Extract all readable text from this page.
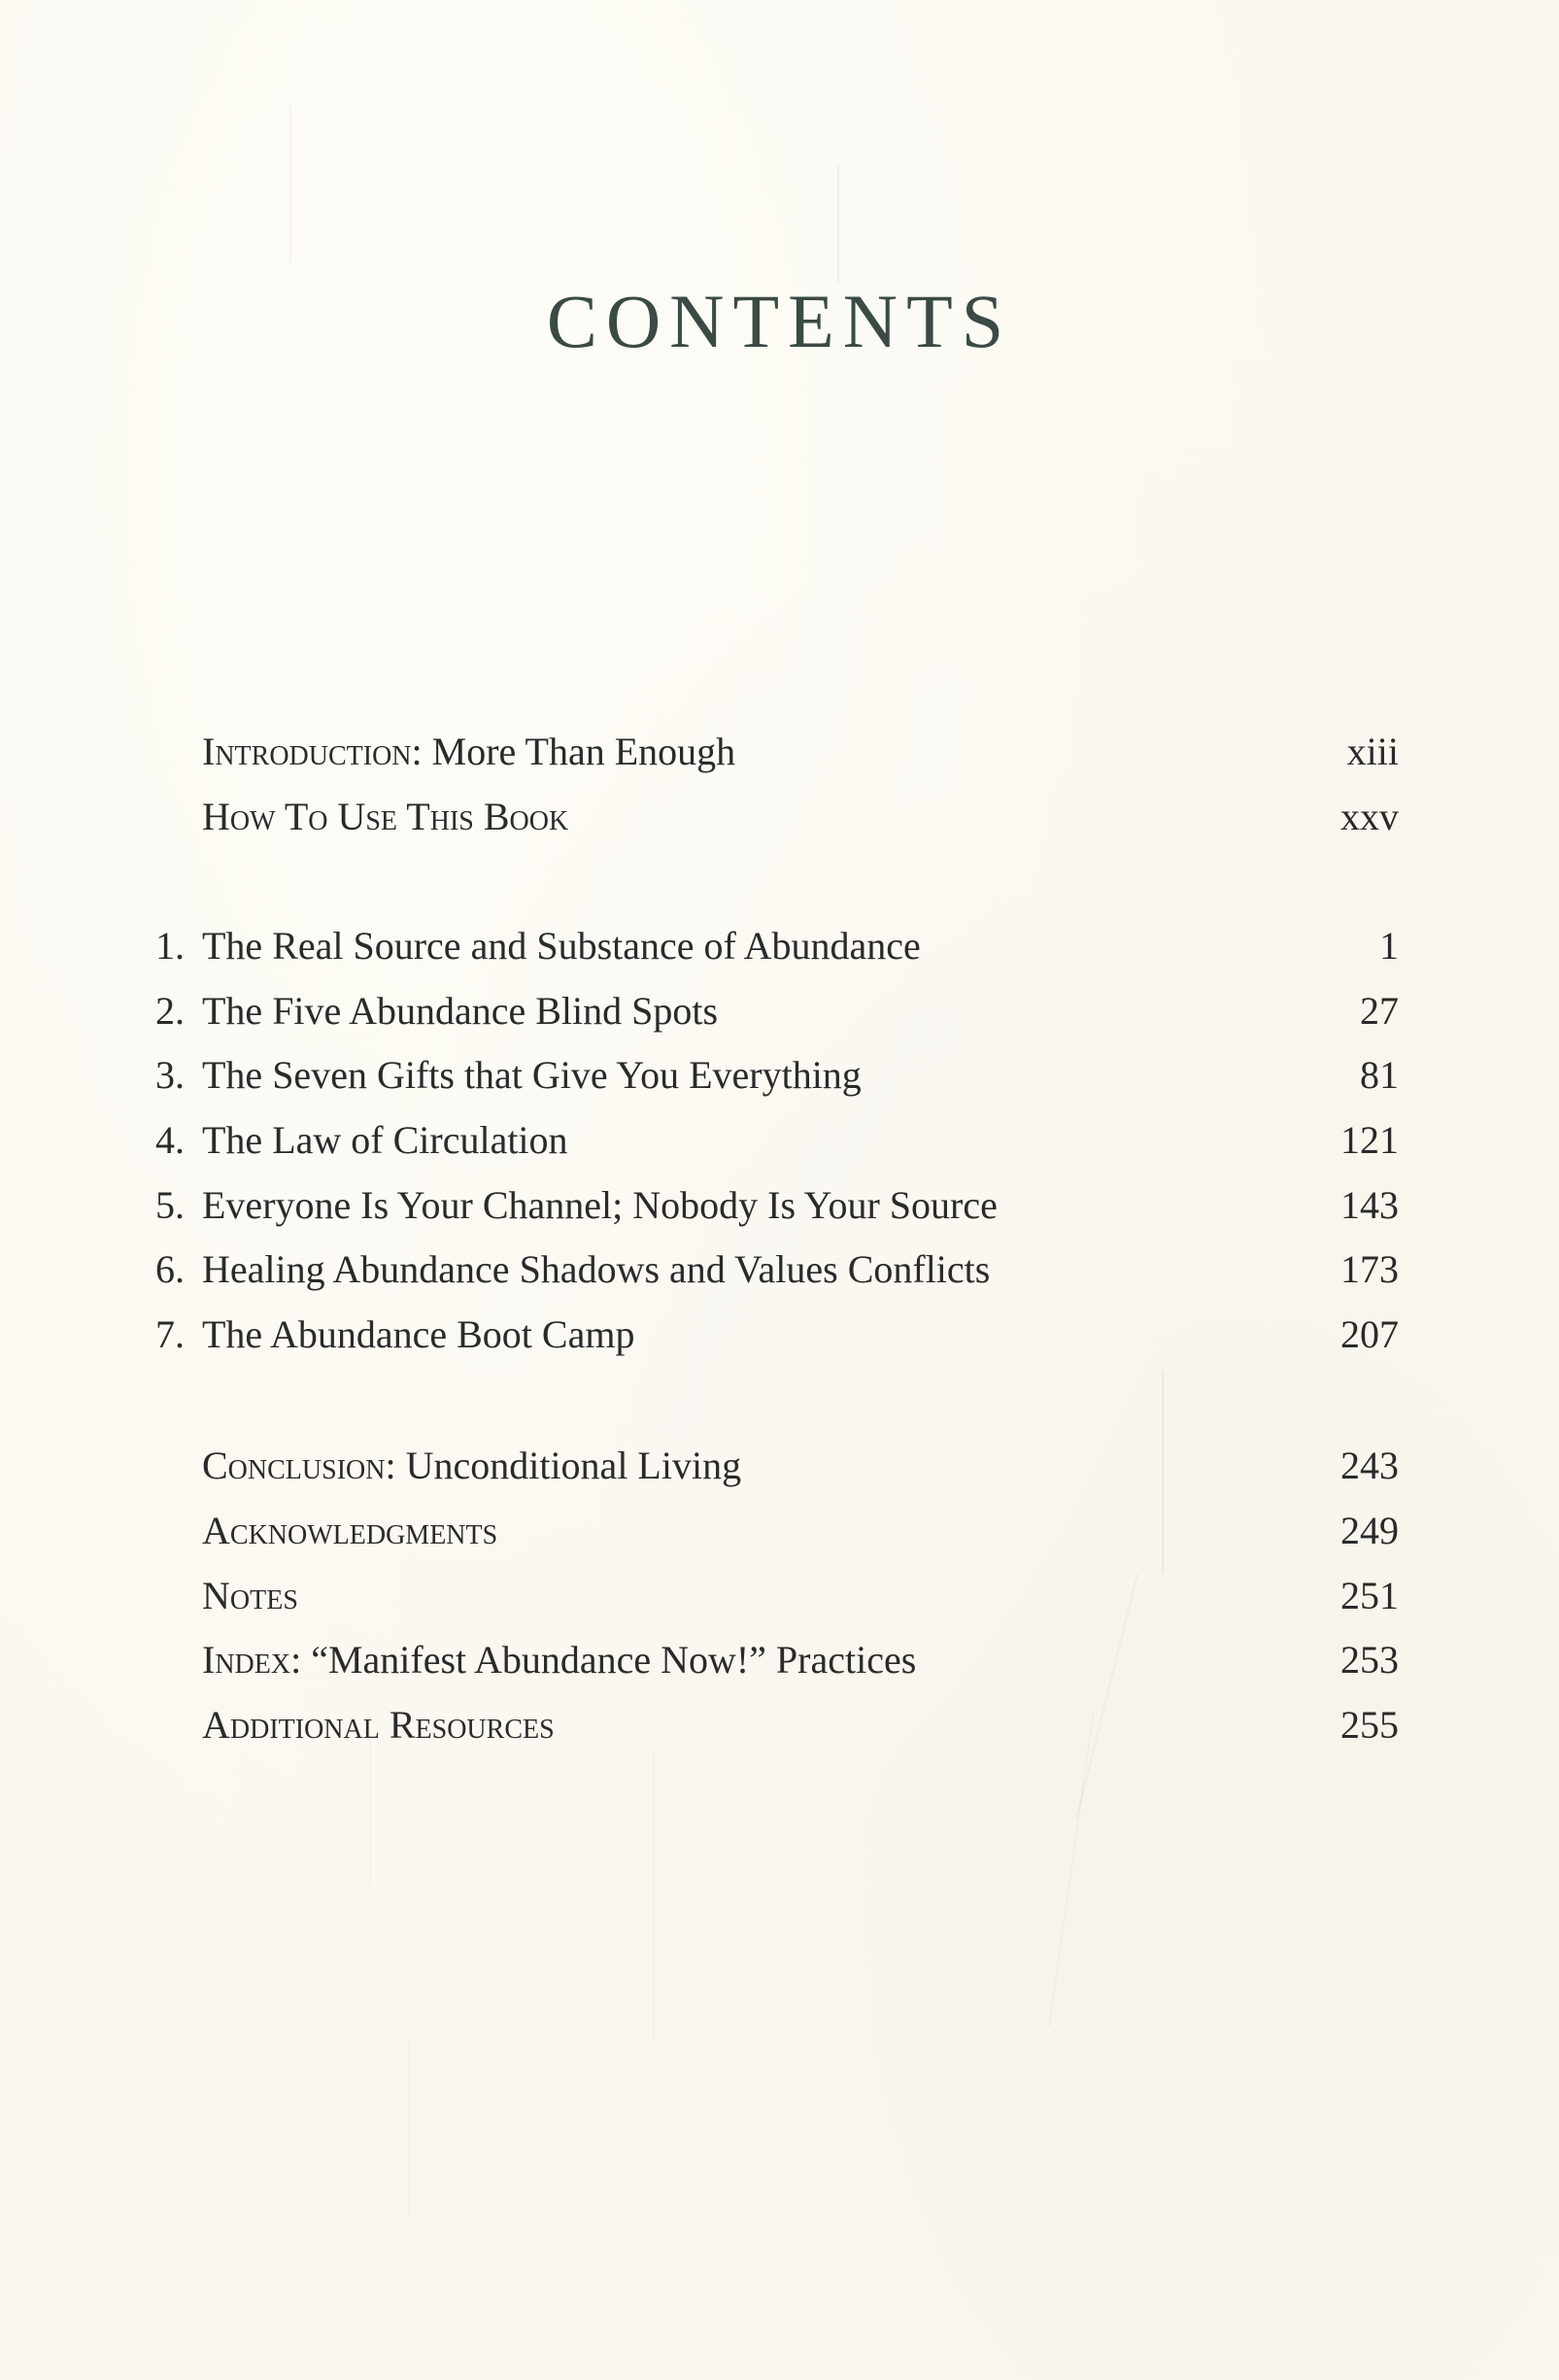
CONTENTS
Introduction: More Than Enough	xiii
How To Use This Book	xxv
1. The Real Source and Substance of Abundance	1
2. The Five Abundance Blind Spots	27
3. The Seven Gifts that Give You Everything	81
4. The Law of Circulation	121
5. Everyone Is Your Channel; Nobody Is Your Source	143
6. Healing Abundance Shadows and Values Conflicts	173
7. The Abundance Boot Camp	207
Conclusion: Unconditional Living	243
Acknowledgments	249
Notes	251
Index: “Manifest Abundance Now!” Practices	253
Additional Resources	255
